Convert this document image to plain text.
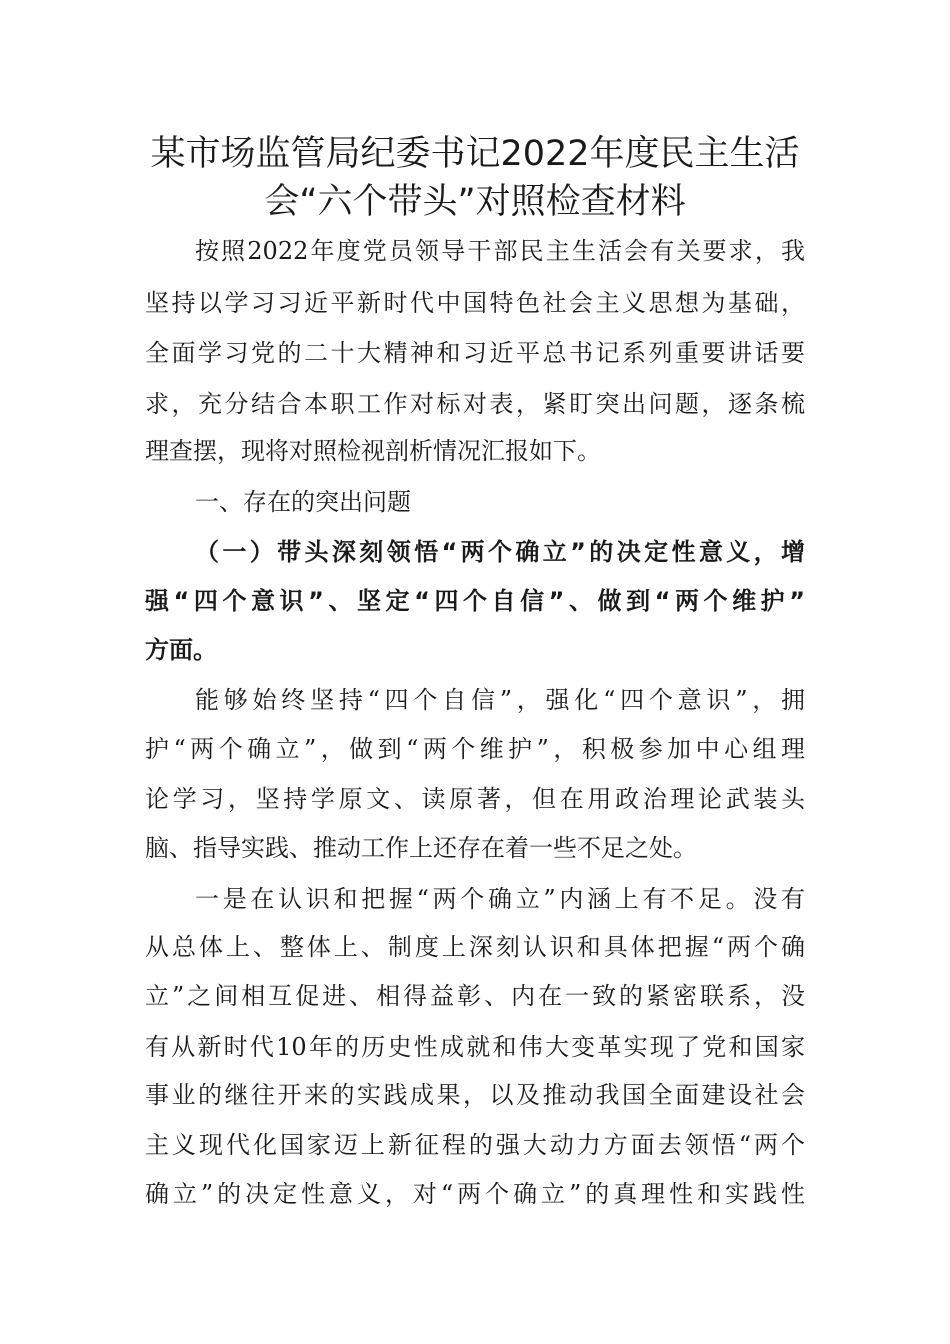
某市场监管局纪委书记2022年度民主生活
会“六个带头”对照检查材料
按照2022年度党员领导干部民主生活会有关要求，我
坚持以学习习近平新时代中国特色社会主义思想为基础，
全面学习党的二十大精神和习近平总书记系列重要讲话要
求，充分结合本职工作对标对表，紧盯突出问题，逐条梳
理查摆，现将对照检视剖析情况汇报如下。
一、存在的突出问题
（一）带头深刻领悟“两个确立”的决定性意义，增
强“四个意识”、坚定“四个自信”、做到“两个维护”
方面。
能够始终坚持“四个自信”，强化“四个意识”，拥
护“两个确立”，做到“两个维护”，积极参加中心组理
论学习，坚持学原文、读原著，但在用政治理论武装头
脑、指导实践、推动工作上还存在着一些不足之处。
一是在认识和把握“两个确立”内涵上有不足。没有
从总体上、整体上、制度上深刻认识和具体把握“两个确
立”之间相互促进、相得益彰、内在一致的紧密联系，没
有从新时代10年的历史性成就和伟大变革实现了党和国家
事业的继往开来的实践成果，以及推动我国全面建设社会
主义现代化国家迈上新征程的强大动力方面去领悟“两个
确立”的决定性意义，对“两个确立”的真理性和实践性
